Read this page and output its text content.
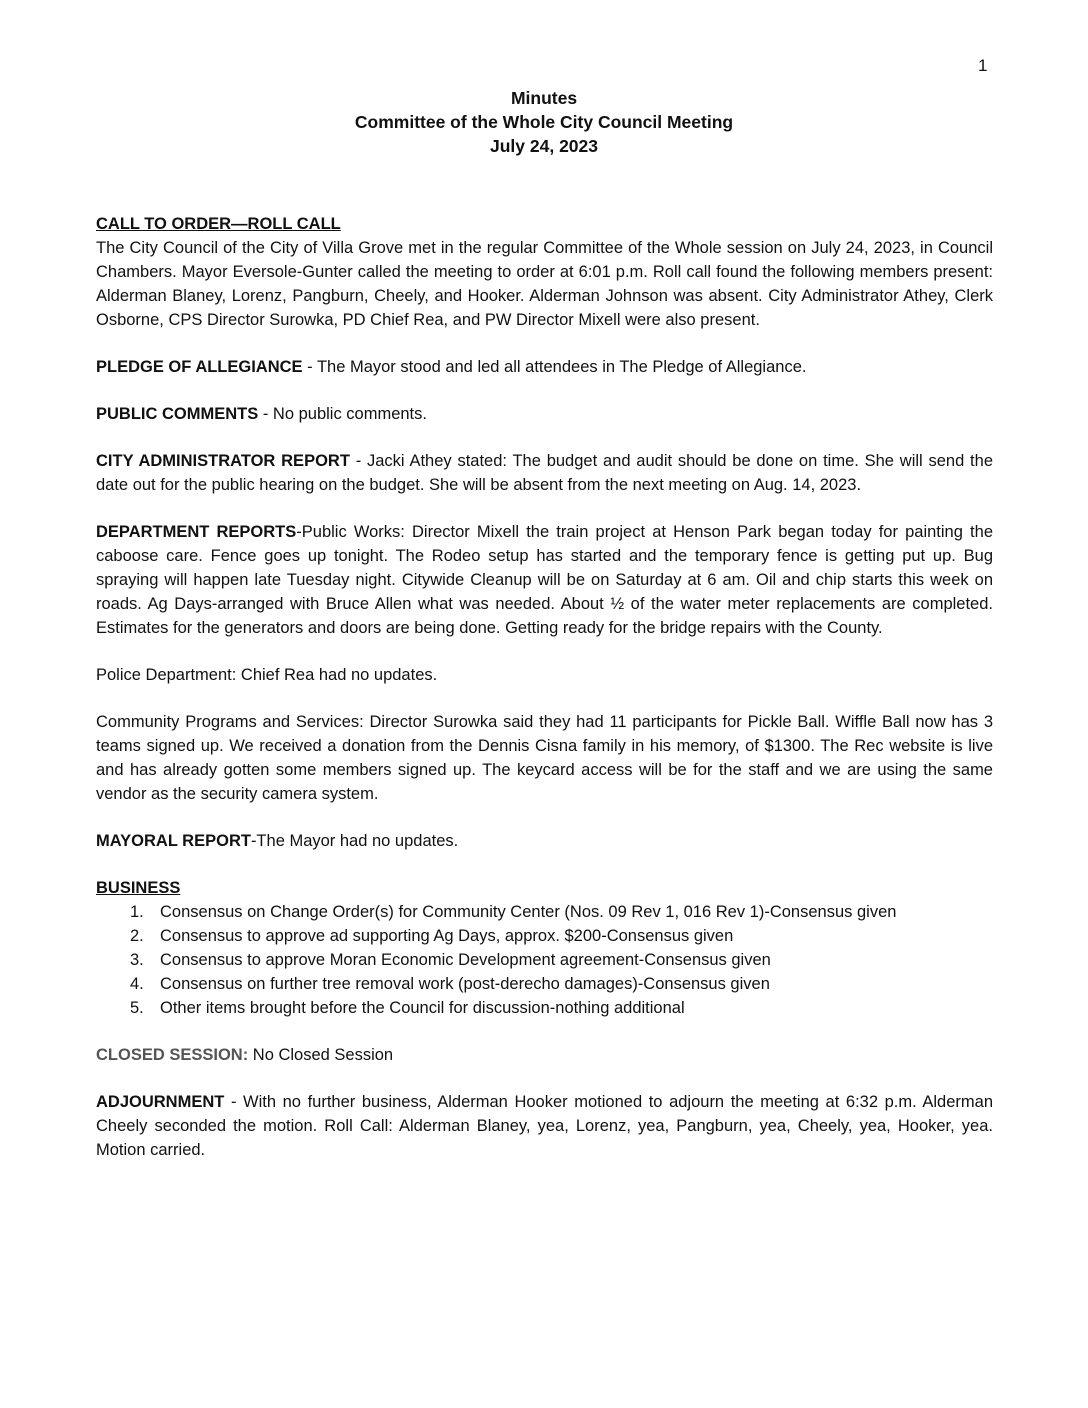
1
Minutes
Committee of the Whole City Council Meeting
July 24, 2023
CALL TO ORDER—ROLL CALL
The City Council of the City of Villa Grove met in the regular Committee of the Whole session on July 24, 2023, in Council Chambers. Mayor Eversole-Gunter called the meeting to order at 6:01 p.m. Roll call found the following members present: Alderman Blaney, Lorenz, Pangburn, Cheely, and Hooker. Alderman Johnson was absent. City Administrator Athey, Clerk Osborne, CPS Director Surowka, PD Chief Rea, and PW Director Mixell were also present.

PLEDGE OF ALLEGIANCE - The Mayor stood and led all attendees in The Pledge of Allegiance.

PUBLIC COMMENTS - No public comments.

CITY ADMINISTRATOR REPORT - Jacki Athey stated: The budget and audit should be done on time. She will send the date out for the public hearing on the budget. She will be absent from the next meeting on Aug. 14, 2023.

DEPARTMENT REPORTS-Public Works: Director Mixell the train project at Henson Park began today for painting the caboose care. Fence goes up tonight. The Rodeo setup has started and the temporary fence is getting put up. Bug spraying will happen late Tuesday night. Citywide Cleanup will be on Saturday at 6 am. Oil and chip starts this week on roads. Ag Days-arranged with Bruce Allen what was needed. About ½ of the water meter replacements are completed. Estimates for the generators and doors are being done. Getting ready for the bridge repairs with the County.

Police Department: Chief Rea had no updates.

Community Programs and Services: Director Surowka said they had 11 participants for Pickle Ball. Wiffle Ball now has 3 teams signed up. We received a donation from the Dennis Cisna family in his memory, of $1300. The Rec website is live and has already gotten some members signed up. The keycard access will be for the staff and we are using the same vendor as the security camera system.

MAYORAL REPORT-The Mayor had no updates.

BUSINESS
1. Consensus on Change Order(s) for Community Center (Nos. 09 Rev 1, 016 Rev 1)-Consensus given
2. Consensus to approve ad supporting Ag Days, approx. $200-Consensus given
3. Consensus to approve Moran Economic Development agreement-Consensus given
4. Consensus on further tree removal work (post-derecho damages)-Consensus given
5. Other items brought before the Council for discussion-nothing additional

CLOSED SESSION: No Closed Session

ADJOURNMENT - With no further business, Alderman Hooker motioned to adjourn the meeting at 6:32 p.m. Alderman Cheely seconded the motion. Roll Call: Alderman Blaney, yea, Lorenz, yea, Pangburn, yea, Cheely, yea, Hooker, yea. Motion carried.
